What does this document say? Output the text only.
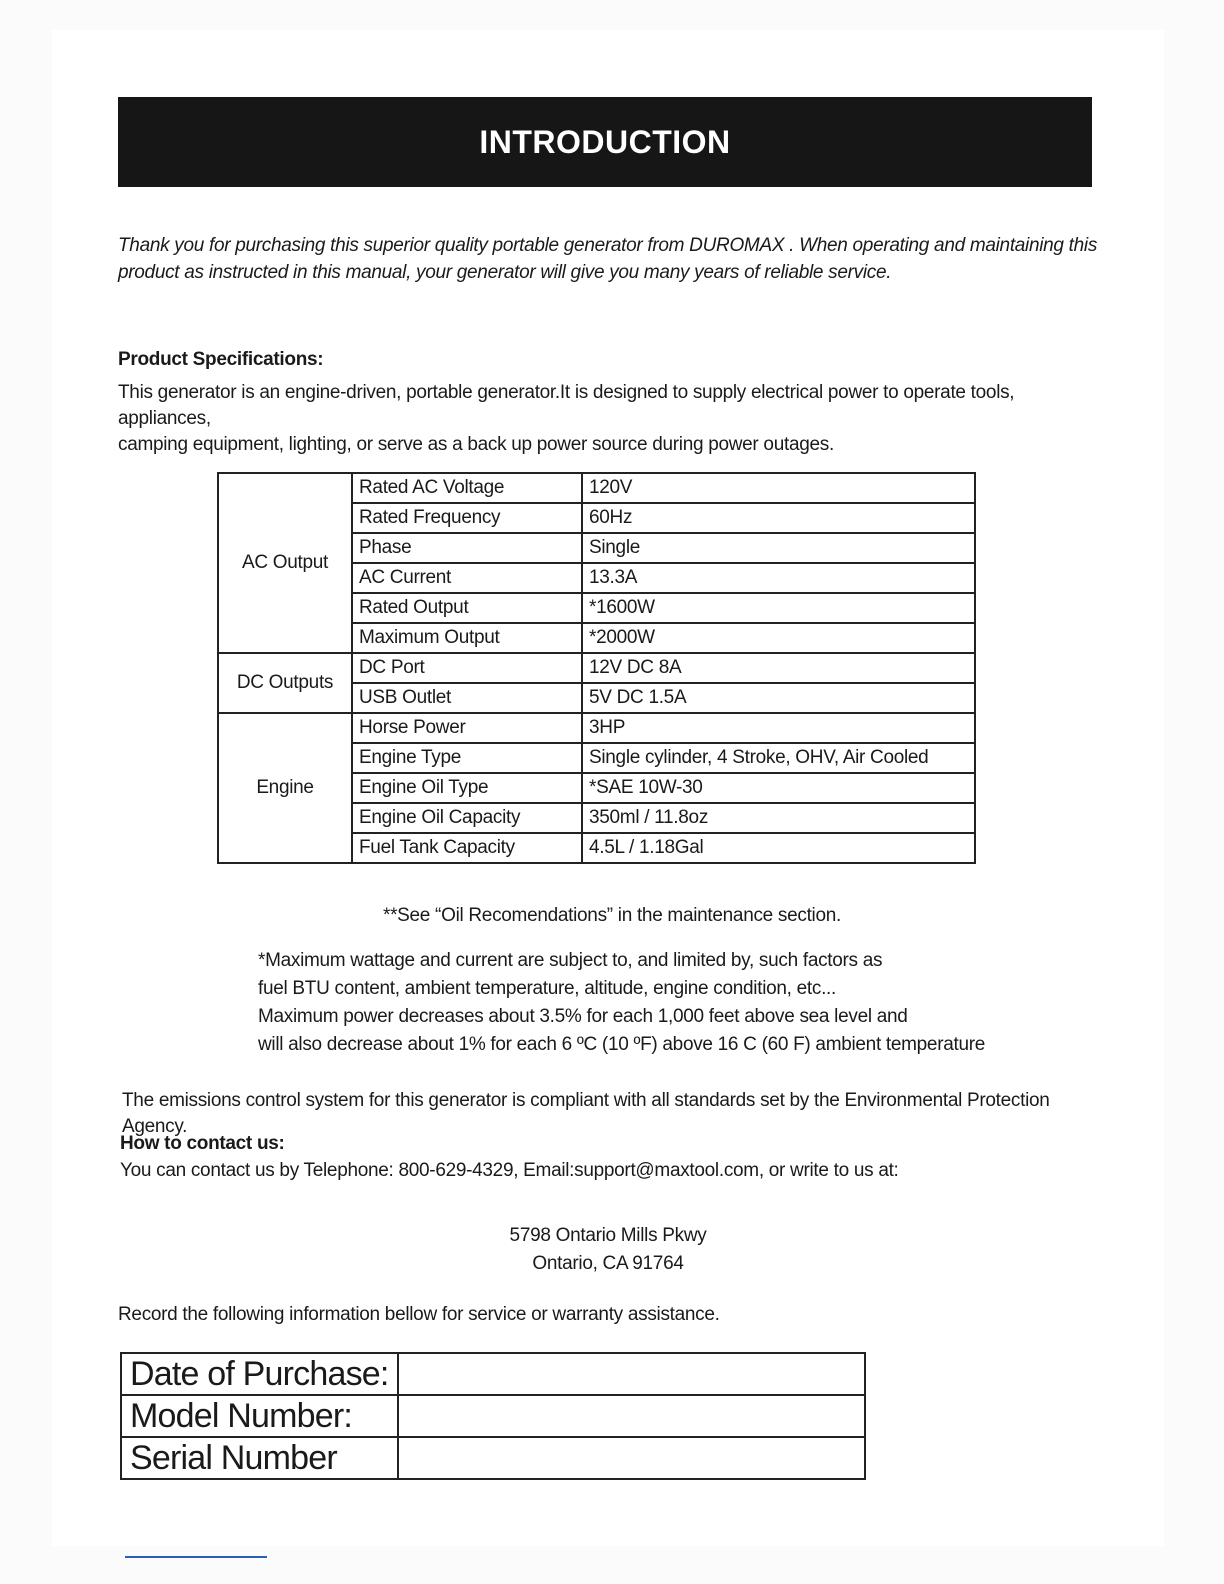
INTRODUCTION
Thank you for purchasing this superior quality portable generator from DUROMAX . When operating and maintaining this
product as instructed in this manual, your generator will give you many years of reliable service.
Product Specifications:
This generator is an engine-driven, portable generator.It is designed to supply electrical power to operate tools, appliances,
camping equipment, lighting, or serve as a back up power source during power outages.
AC Output	Rated AC Voltage	120V
	Rated Frequency	60Hz
	Phase	Single
	AC Current	13.3A
	Rated Output	*1600W
	Maximum Output	*2000W
DC Outputs	DC Port	12V DC 8A
	USB Outlet	5V DC 1.5A
Engine	Horse Power	3HP
	Engine Type	Single cylinder, 4 Stroke, OHV, Air Cooled
	Engine Oil Type	*SAE 10W-30
	Engine Oil Capacity	350ml / 11.8oz
	Fuel Tank Capacity	4.5L / 1.18Gal
**See “Oil Recomendations” in the maintenance section.
*Maximum wattage and current are subject to, and limited by, such factors as
fuel BTU content, ambient temperature, altitude, engine condition, etc...
Maximum power decreases about 3.5% for each 1,000 feet above sea level and
will also decrease about 1% for each 6 ºC (10 ºF) above 16 C (60 F) ambient temperature
The emissions control system for this generator is compliant with all standards set by the Environmental Protection Agency.
How to contact us:
You can contact us by Telephone: 800-629-4329, Email:support@maxtool.com, or write to us at:
5798 Ontario Mills Pkwy
Ontario, CA 91764
Record the following information bellow for service or warranty assistance.
Date of Purchase:	
Model Number:	
Serial Number	
